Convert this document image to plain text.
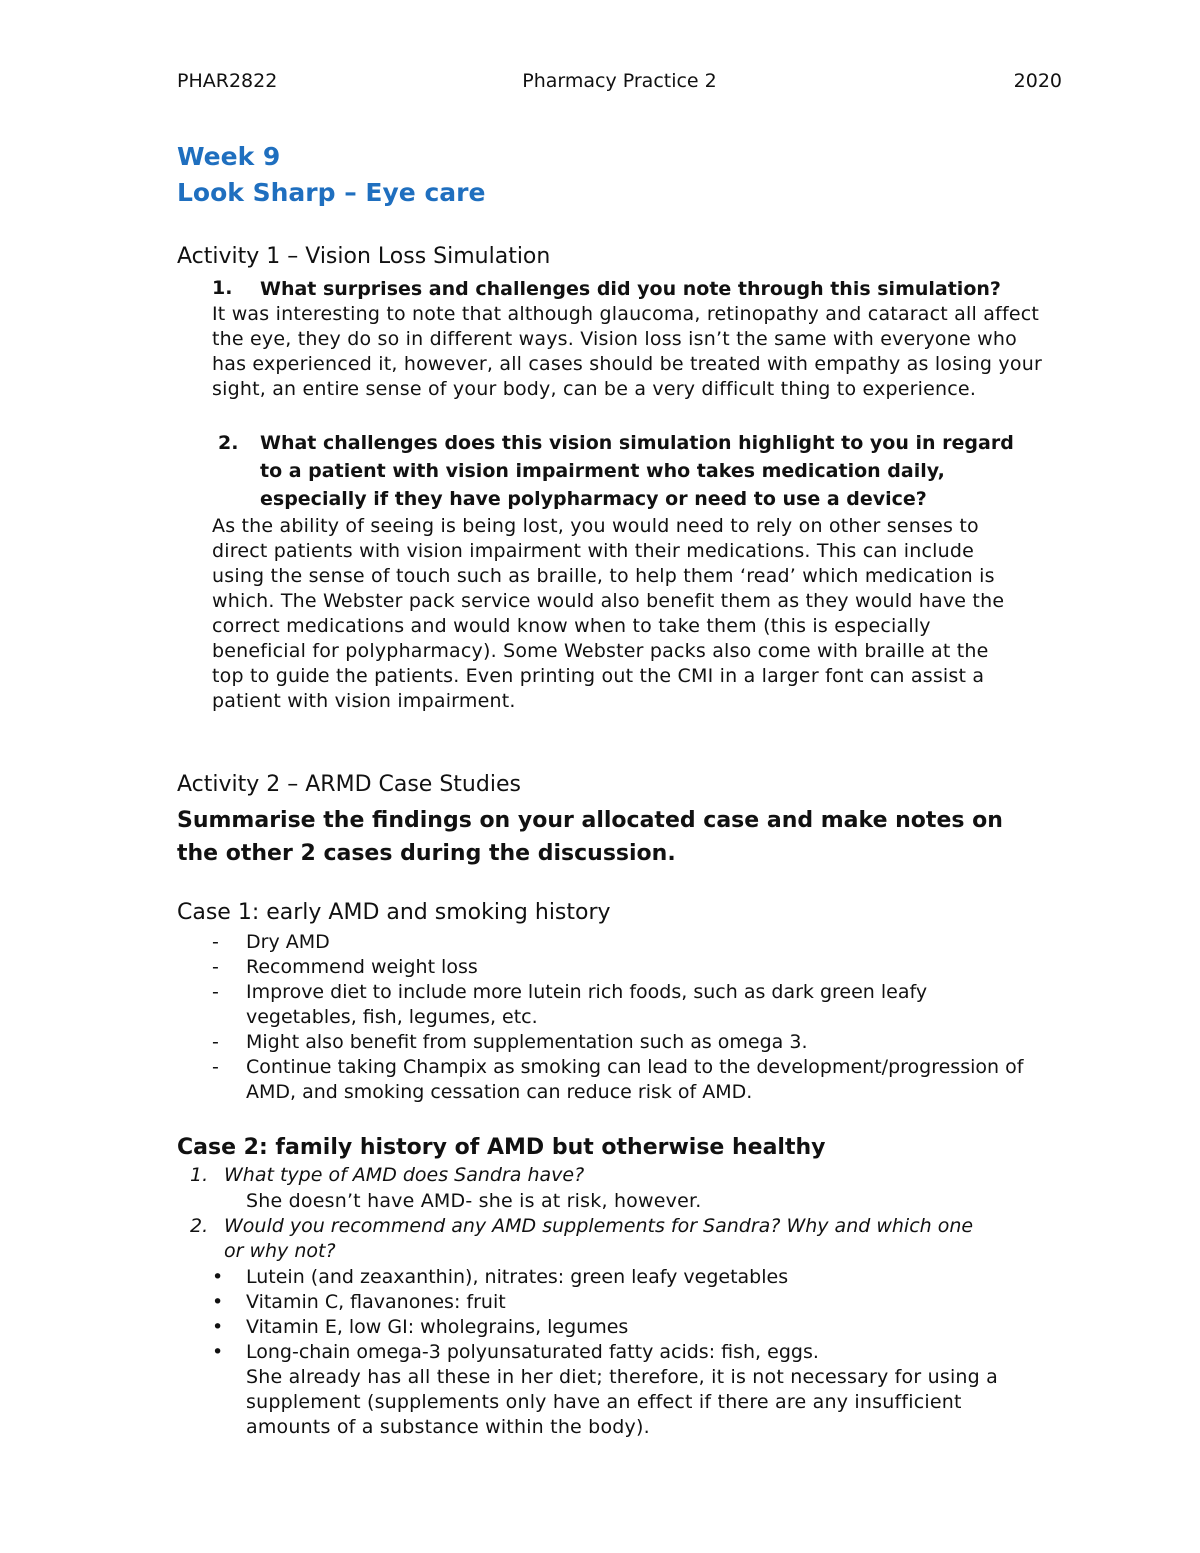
PHAR2822	Pharmacy Practice 2	2020
Week 9
Look Sharp – Eye care
Activity 1 – Vision Loss Simulation
1. What surprises and challenges did you note through this simulation?
It was interesting to note that although glaucoma, retinopathy and cataract all affect the eye, they do so in different ways. Vision loss isn’t the same with everyone who has experienced it, however, all cases should be treated with empathy as losing your sight, an entire sense of your body, can be a very difficult thing to experience.
2. What challenges does this vision simulation highlight to you in regard to a patient with vision impairment who takes medication daily, especially if they have polypharmacy or need to use a device?
As the ability of seeing is being lost, you would need to rely on other senses to direct patients with vision impairment with their medications. This can include using the sense of touch such as braille, to help them ‘read’ which medication is which. The Webster pack service would also benefit them as they would have the correct medications and would know when to take them (this is especially beneficial for polypharmacy). Some Webster packs also come with braille at the top to guide the patients. Even printing out the CMI in a larger font can assist a patient with vision impairment.
Activity 2 – ARMD Case Studies
Summarise the findings on your allocated case and make notes on the other 2 cases during the discussion.
Case 1: early AMD and smoking history
-	Dry AMD
-	Recommend weight loss
-	Improve diet to include more lutein rich foods, such as dark green leafy vegetables, fish, legumes, etc.
-	Might also benefit from supplementation such as omega 3.
-	Continue taking Champix as smoking can lead to the development/progression of AMD, and smoking cessation can reduce risk of AMD.
Case 2: family history of AMD but otherwise healthy
1. What type of AMD does Sandra have?
She doesn’t have AMD- she is at risk, however.
2. Would you recommend any AMD supplements for Sandra? Why and which one or why not?
•	Lutein (and zeaxanthin), nitrates: green leafy vegetables
•	Vitamin C, flavanones: fruit
•	Vitamin E, low GI: wholegrains, legumes
•	Long-chain omega-3 polyunsaturated fatty acids: fish, eggs.
She already has all these in her diet; therefore, it is not necessary for using a supplement (supplements only have an effect if there are any insufficient amounts of a substance within the body).
